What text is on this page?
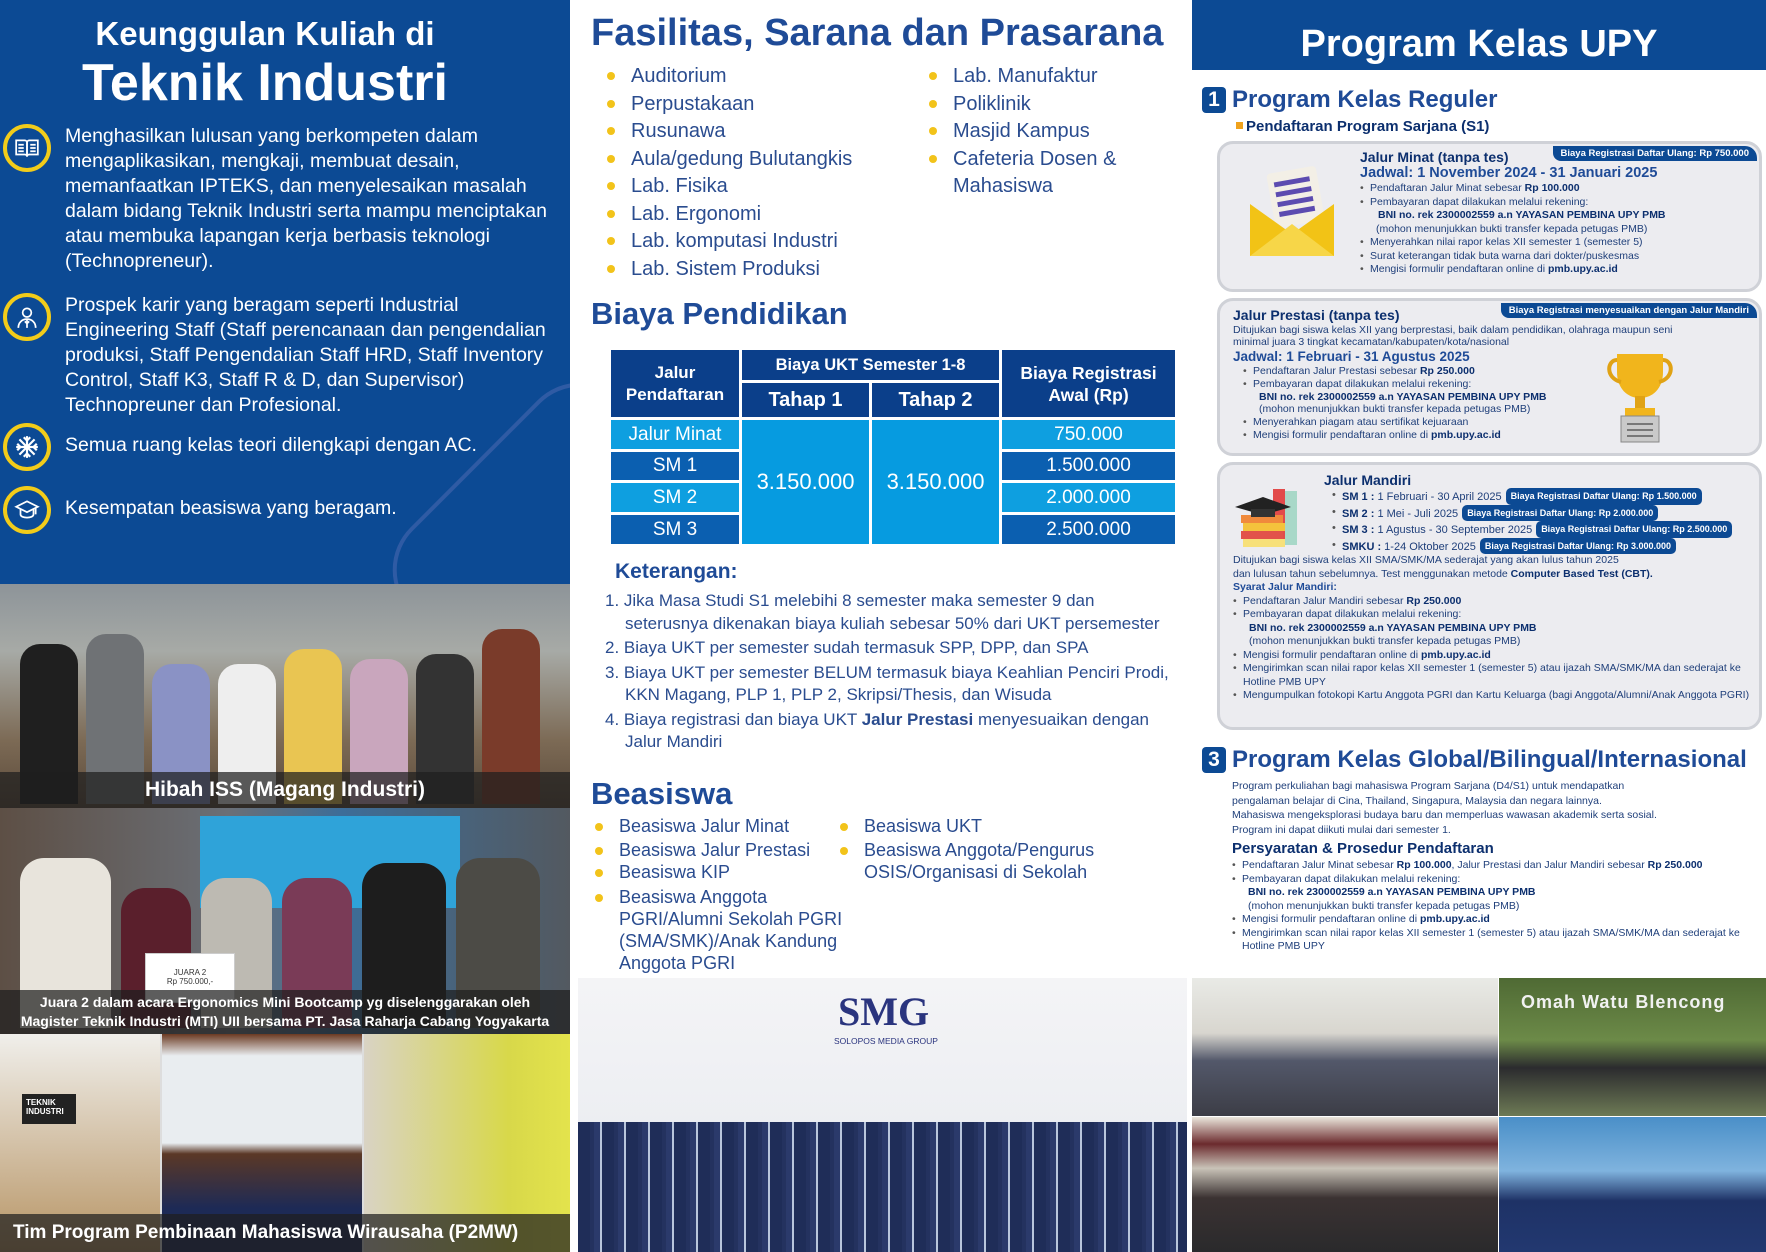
Keunggulan Kuliah di
Teknik Industri
Menghasilkan lulusan yang berkompeten dalam mengaplikasikan, mengkaji, membuat desain, memanfaatkan IPTEKS, dan menyelesaikan masalah dalam bidang Teknik Industri serta mampu menciptakan atau membuka lapangan kerja berbasis teknologi (Technopreneur).
Prospek karir yang beragam seperti Industrial Engineering Staff (Staff perencanaan dan pengendalian produksi, Staff Pengendalian Staff HRD, Staff Inventory Control, Staff K3, Staff R & D, dan Supervisor) Technopreuner dan Profesional.
Semua ruang kelas teori dilengkapi dengan AC.
Kesempatan beasiswa yang beragam.
Hibah ISS (Magang Industri)
JUARA 2
Rp 750.000,-
Juara 2 dalam acara Ergonomics Mini Bootcamp yg diselenggarakan oleh
Magister Teknik Industri (MTI) UII bersama PT. Jasa Raharja Cabang Yogyakarta
TEKNIK INDUSTRI
Tim Program Pembinaan Mahasiswa Wirausaha (P2MW)
Fasilitas, Sarana dan Prasarana
Auditorium
Perpustakaan
Rusunawa
Aula/gedung Bulutangkis
Lab. Fisika
Lab. Ergonomi
Lab. komputasi Industri
Lab. Sistem Produksi
Lab. Manufaktur
Poliklinik
Masjid Kampus
Cafeteria Dosen & Mahasiswa
Biaya Pendidikan
Jalur Pendaftaran	Biaya UKT Semester 1-8		Biaya Registrasi Awal (Rp)
	Tahap 1	Tahap 2	
Jalur Minat	3.150.000	3.150.000	750.000
SM 1			1.500.000
SM 2			2.000.000
SM 3			2.500.000
Keterangan:
1. Jika Masa Studi S1 melebihi 8 semester maka semester 9 dan seterusnya dikenakan biaya kuliah sebesar 50% dari UKT persemester
2. Biaya UKT per semester sudah termasuk SPP, DPP, dan SPA
3. Biaya UKT per semester BELUM termasuk biaya Keahlian Penciri Prodi, KKN Magang, PLP 1, PLP 2, Skripsi/Thesis, dan Wisuda
4. Biaya registrasi dan biaya UKT Jalur Prestasi menyesuaikan dengan Jalur Mandiri
Beasiswa
Beasiswa Jalur Minat
Beasiswa Jalur Prestasi
Beasiswa KIP
Beasiswa Anggota PGRI/Alumni Sekolah PGRI (SMA/SMK)/Anak Kandung Anggota PGRI
Beasiswa UKT
Beasiswa Anggota/Pengurus OSIS/Organisasi di Sekolah
SMG
SOLOPOS MEDIA GROUP
Program Kelas UPY
1 Program Kelas Reguler
Pendaftaran Program Sarjana (S1)
Biaya Registrasi Daftar Ulang: Rp 750.000
Jalur Minat (tanpa tes)
Jadwal: 1 November 2024 - 31 Januari 2025
• Pendaftaran Jalur Minat sebesar Rp 100.000
• Pembayaran dapat dilakukan melalui rekening:
BNI no. rek 2300002559 a.n YAYASAN PEMBINA UPY PMB
(mohon menunjukkan bukti transfer kepada petugas PMB)
• Menyerahkan nilai rapor kelas XII semester 1 (semester 5)
• Surat keterangan tidak buta warna dari dokter/puskesmas
• Mengisi formulir pendaftaran online di pmb.upy.ac.id
Biaya Registrasi menyesuaikan dengan Jalur Mandiri
Jalur Prestasi (tanpa tes)
Ditujukan bagi siswa kelas XII yang berprestasi, baik dalam pendidikan, olahraga maupun seni minimal juara 3 tingkat kecamatan/kabupaten/kota/nasional
Jadwal: 1 Februari - 31 Agustus 2025
• Pendaftaran Jalur Prestasi sebesar Rp 250.000
• Pembayaran dapat dilakukan melalui rekening:
BNI no. rek 2300002559 a.n YAYASAN PEMBINA UPY PMB
(mohon menunjukkan bukti transfer kepada petugas PMB)
• Menyerahkan piagam atau sertifikat kejuaraan
• Mengisi formulir pendaftaran online di pmb.upy.ac.id
Jalur Mandiri
• SM 1 : 1 Februari - 30 April 2025 Biaya Registrasi Daftar Ulang: Rp 1.500.000
• SM 2 : 1 Mei - Juli 2025 Biaya Registrasi Daftar Ulang: Rp 2.000.000
• SM 3 : 1 Agustus - 30 September 2025 Biaya Registrasi Daftar Ulang: Rp 2.500.000
• SMKU : 1-24 Oktober 2025 Biaya Registrasi Daftar Ulang: Rp 3.000.000
Ditujukan bagi siswa kelas XII SMA/SMK/MA sederajat yang akan lulus tahun 2025
dan lulusan tahun sebelumnya. Test menggunakan metode Computer Based Test (CBT).
Syarat Jalur Mandiri:
• Pendaftaran Jalur Mandiri sebesar Rp 250.000
• Pembayaran dapat dilakukan melalui rekening:
BNI no. rek 2300002559 a.n YAYASAN PEMBINA UPY PMB
(mohon menunjukkan bukti transfer kepada petugas PMB)
• Mengisi formulir pendaftaran online di pmb.upy.ac.id
• Mengirimkan scan nilai rapor kelas XII semester 1 (semester 5) atau ijazah SMA/SMK/MA dan sederajat ke Hotline PMB UPY
• Mengumpulkan fotokopi Kartu Anggota PGRI dan Kartu Keluarga (bagi Anggota/Alumni/Anak Anggota PGRI)
3 Program Kelas Global/Bilingual/Internasional
Program perkuliahan bagi mahasiswa Program Sarjana (D4/S1) untuk mendapatkan
pengalaman belajar di Cina, Thailand, Singapura, Malaysia dan negara lainnya.
Mahasiswa mengeksplorasi budaya baru dan memperluas wawasan akademik serta sosial.
Program ini dapat diikuti mulai dari semester 1.
Persyaratan & Prosedur Pendaftaran
• Pendaftaran Jalur Minat sebesar Rp 100.000, Jalur Prestasi dan Jalur Mandiri sebesar Rp 250.000
• Pembayaran dapat dilakukan melalui rekening:
BNI no. rek 2300002559 a.n YAYASAN PEMBINA UPY PMB
(mohon menunjukkan bukti transfer kepada petugas PMB)
• Mengisi formulir pendaftaran online di pmb.upy.ac.id
• Mengirimkan scan nilai rapor kelas XII semester 1 (semester 5) atau ijazah SMA/SMK/MA dan sederajat ke Hotline PMB UPY
Omah Watu Blencong
